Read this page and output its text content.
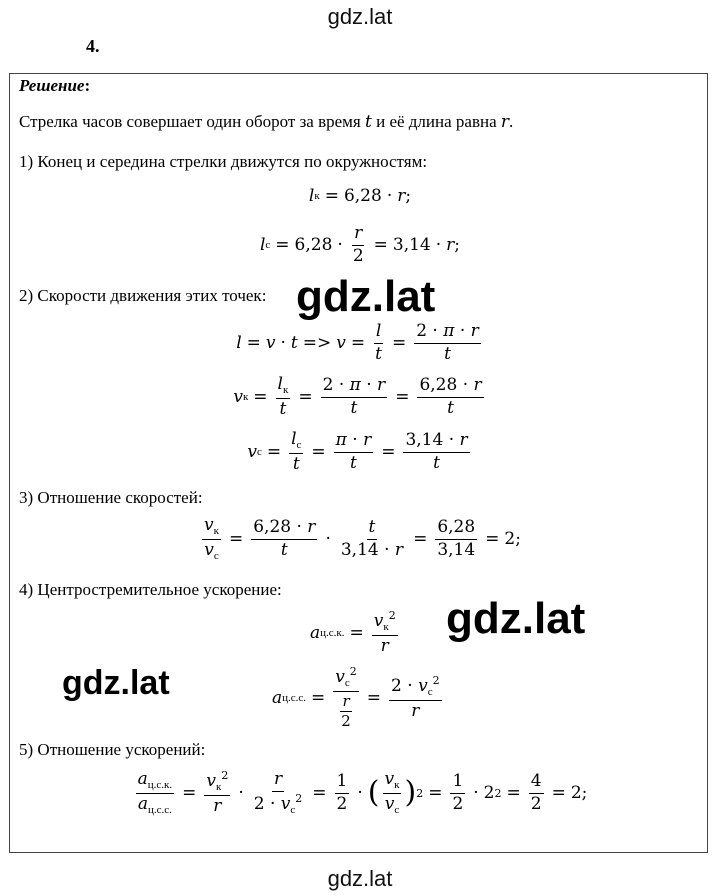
gdz.lat
4.
Решение:
Стрелка часов совершает один оборот за время t и её длина равна r.
1) Конец и середина стрелки движутся по окружностям:
l к = 6,28 · r ;
l $с = 6,28 \cdot \frac{r}{2} = 3,14 \cdot r$ ;
2) Скорости движения этих точек: gdz.lat
$l = v \cdot t => v = \frac{l}{t} = \frac{2 \cdot \pi \cdot r}{t}$
v $к = \frac{l_к}{t} = \frac{2 \cdot \pi \cdot r}{t} = \frac{6,28 \cdot r}{t}$
v $с = \frac{l_с}{t} = \frac{\pi \cdot r}{t} = \frac{3,14 \cdot r}{t}$
3) Отношение скоростей:
$\frac{v_к}{v_с} = \frac{6,28 \cdot r}{t} \cdot \frac{t}{3,14 \cdot r} = \frac{6,28}{3,14} = 2$ ;
4) Центростремительное ускорение:
gdz.lat
a ц.с.к. = $\frac{v_к^2}{r}$
gdz.lat	a ц.с.с. = $\frac{v_с^2}{\frac{r}{2}} = \frac{2 \cdot v_с^2}{r}$
5) Отношение ускорений:
$\frac{a_{ц.с.к.}}{a_{ц.с.с.}} = \frac{v_к^2}{r} \cdot \frac{r}{2 \cdot v_с^2} = \frac{1}{2}$ · ( $\frac{v_к}{v_с}$ ) $2 = \frac{1}{2} \cdot 2$ $2 = \frac{4}{2} = 2$ ;
gdz.lat
